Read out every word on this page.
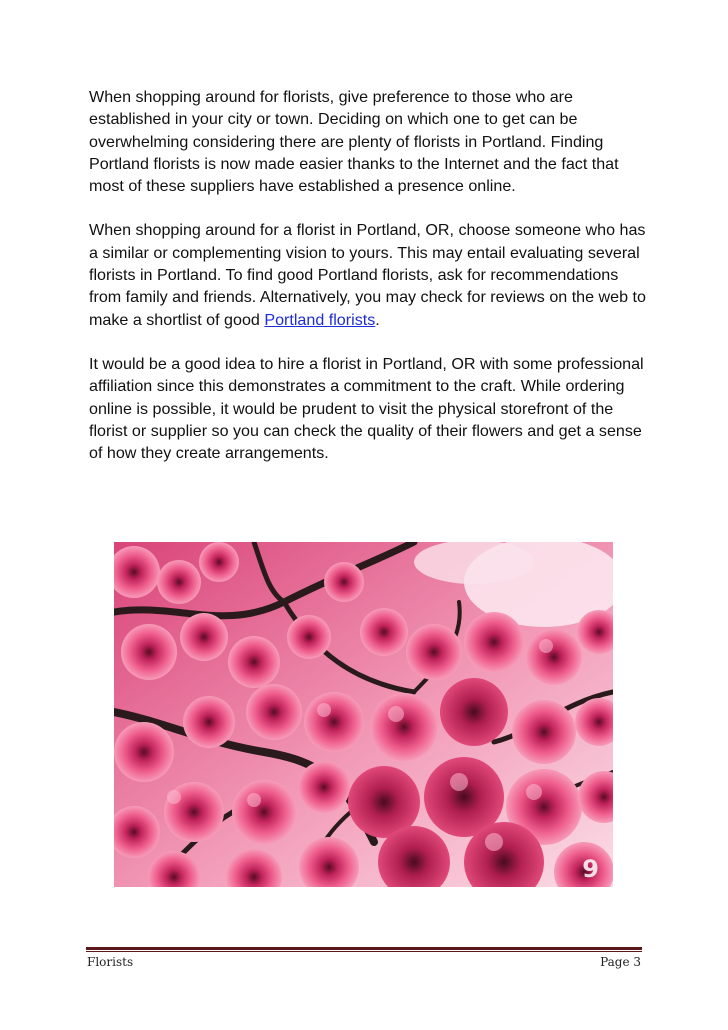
When shopping around for florists, give preference to those who are established in your city or town. Deciding on which one to get can be overwhelming considering there are plenty of florists in Portland. Finding Portland florists is now made easier thanks to the Internet and the fact that most of these suppliers have established a presence online.

When shopping around for a florist in Portland, OR, choose someone who has a similar or complementing vision to yours. This may entail evaluating several florists in Portland. To find good Portland florists, ask for recommendations from family and friends. Alternatively, you may check for reviews on the web to make a shortlist of good Portland florists.

It would be a good idea to hire a florist in Portland, OR with some professional affiliation since this demonstrates a commitment to the craft. While ordering online is possible, it would be prudent to visit the physical storefront of the florist or supplier so you can check the quality of their flowers and get a sense of how they create arrangements.

9
Florists	Page 3
